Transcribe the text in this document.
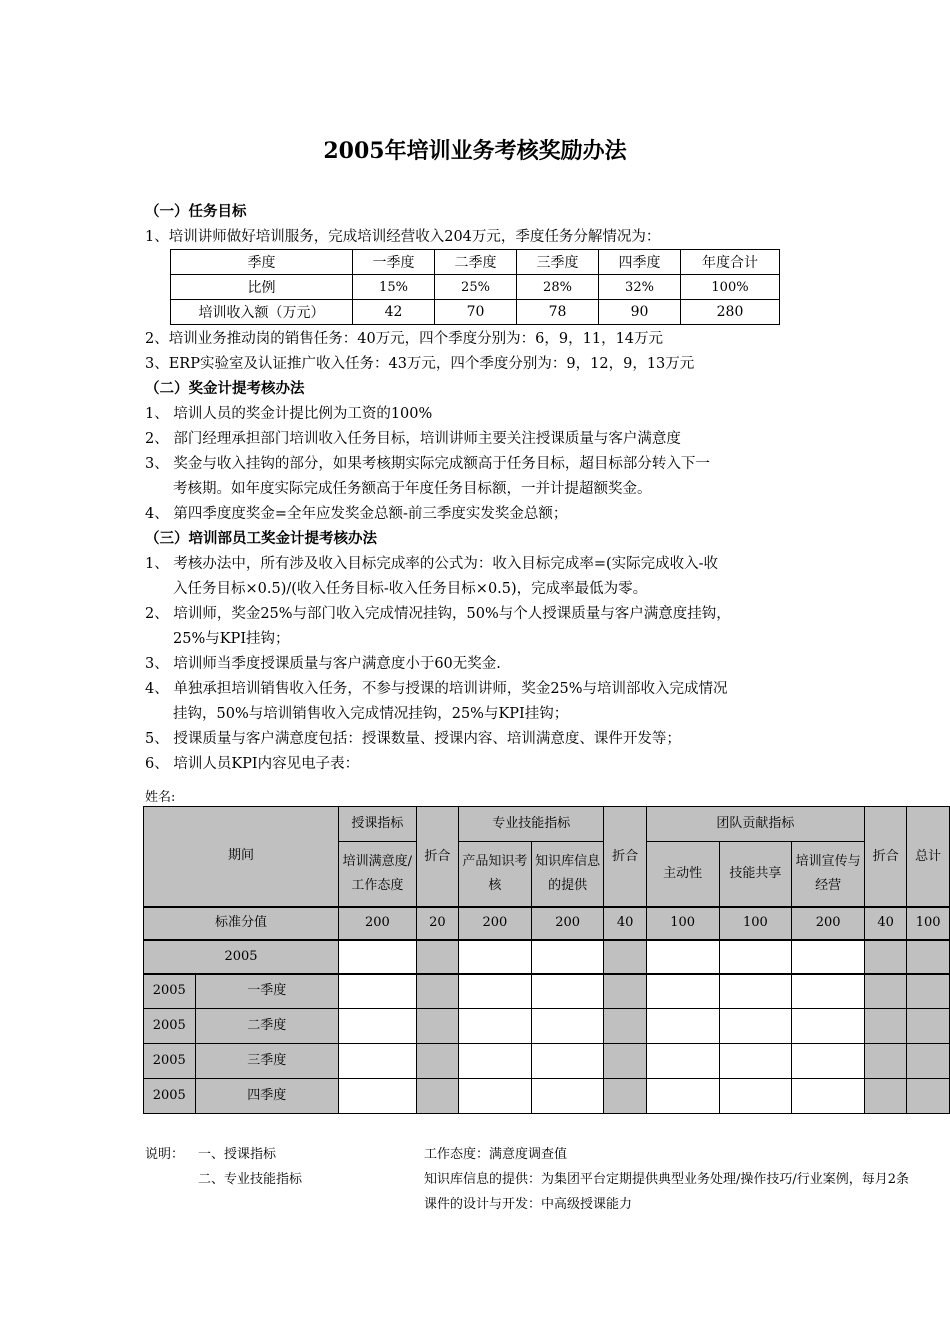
2005年培训业务考核奖励办法
（一）任务目标
1、培训讲师做好培训服务，完成培训经营收入204万元，季度任务分解情况为：
季度	一季度	二季度	三季度	四季度	年度合计
比例	15%	25%	28%	32%	100%
培训收入额（万元）	42	70	78	90	280
2、培训业务推动岗的销售任务：40万元，四个季度分别为：6，9，11，14万元
3、ERP实验室及认证推广收入任务：43万元，四个季度分别为：9，12，9，13万元
（二）奖金计提考核办法
1、 培训人员的奖金计提比例为工资的100%
2、 部门经理承担部门培训收入任务目标，培训讲师主要关注授课质量与客户满意度
3、 奖金与收入挂钩的部分，如果考核期实际完成额高于任务目标，超目标部分转入下一
考核期。如年度实际完成任务额高于年度任务目标额，一并计提超额奖金。
4、 第四季度度奖金=全年应发奖金总额-前三季度实发奖金总额；
（三）培训部员工奖金计提考核办法
1、 考核办法中，所有涉及收入目标完成率的公式为：收入目标完成率=(实际完成收入-收
入任务目标×0.5)/(收入任务目标-收入任务目标×0.5)，完成率最低为零。
2、 培训师，奖金25%与部门收入完成情况挂钩，50%与个人授课质量与客户满意度挂钩，
25%与KPI挂钩；
3、 培训师当季度授课质量与客户满意度小于60无奖金.
4、 单独承担培训销售收入任务，不参与授课的培训讲师，奖金25%与培训部收入完成情况
挂钩，50%与培训销售收入完成情况挂钩，25%与KPI挂钩；
5、 授课质量与客户满意度包括：授课数量、授课内容、培训满意度、课件开发等；
6、 培训人员KPI内容见电子表：
姓名:
期间		授课指标	折合	专业技能指标		折合	团队贡献指标			折合	总计
		培训满意度/工作态度		产品知识考核	知识库信息的提供		主动性	技能共享	培训宣传与经营		
标准分值		200	20	200	200	40	100	100	200	40	100
2005											
2005	一季度										
2005	二季度										
2005	三季度										
2005	四季度										
说明： 一、授课指标
二、专业技能指标
工作态度：满意度调查值
知识库信息的提供：为集团平台定期提供典型业务处理/操作技巧/行业案例，每月2条
课件的设计与开发：中高级授课能力
